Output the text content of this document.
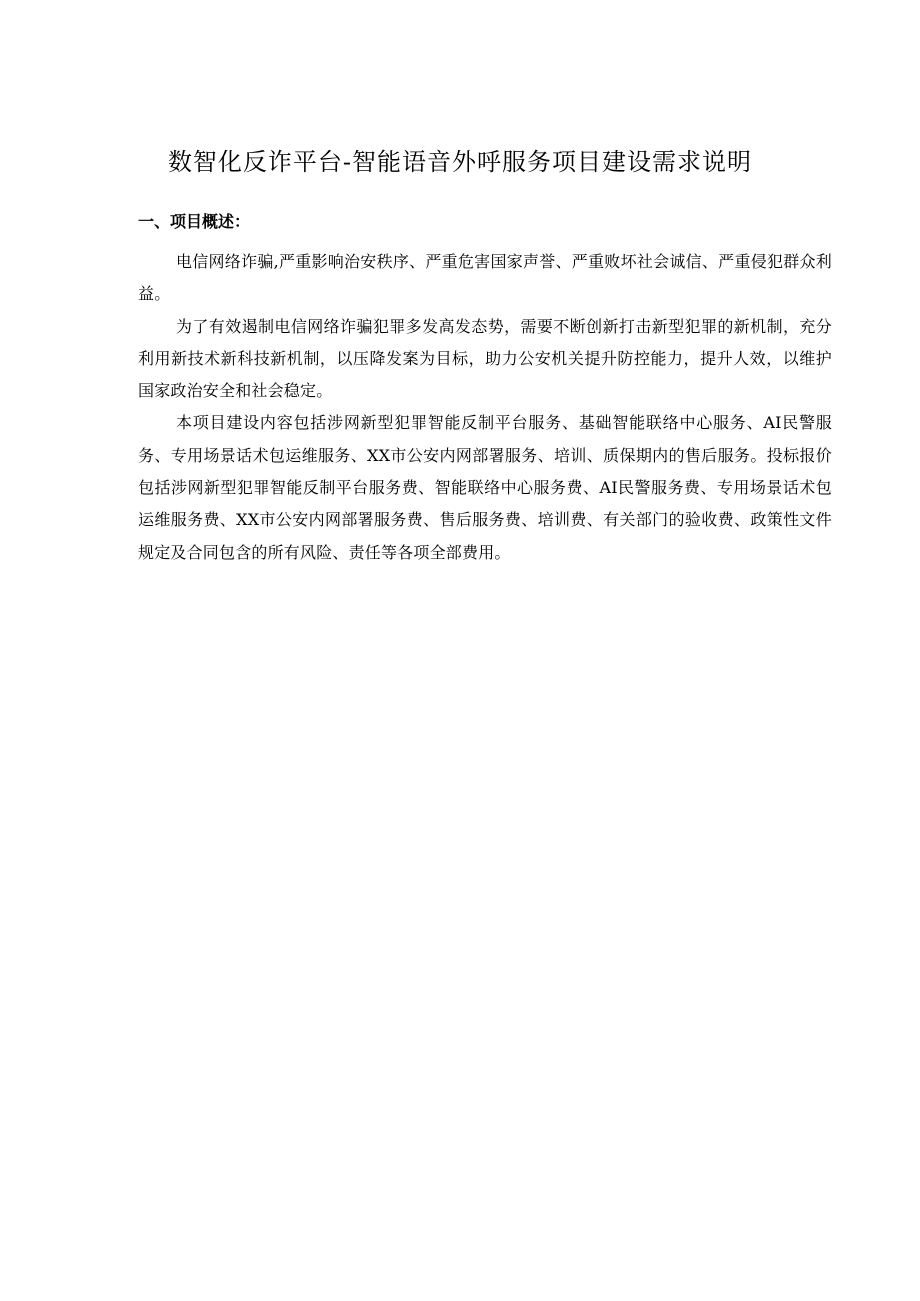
数智化反诈平台-智能语音外呼服务项目建设需求说明
一、项目概述：

电信网络诈骗,严重影响治安秩序、严重危害国家声誉、严重败坏社会诚信、严重侵犯群众利益。

为了有效遏制电信网络诈骗犯罪多发高发态势，需要不断创新打击新型犯罪的新机制，充分利用新技术新科技新机制，以压降发案为目标，助力公安机关提升防控能力，提升人效，以维护国家政治安全和社会稳定。

本项目建设内容包括涉网新型犯罪智能反制平台服务、基础智能联络中心服务、AI民警服务、专用场景话术包运维服务、XX市公安内网部署服务、培训、质保期内的售后服务。投标报价包括涉网新型犯罪智能反制平台服务费、智能联络中心服务费、AI民警服务费、专用场景话术包运维服务费、XX市公安内网部署服务费、售后服务费、培训费、有关部门的验收费、政策性文件规定及合同包含的所有风险、责任等各项全部费用。
